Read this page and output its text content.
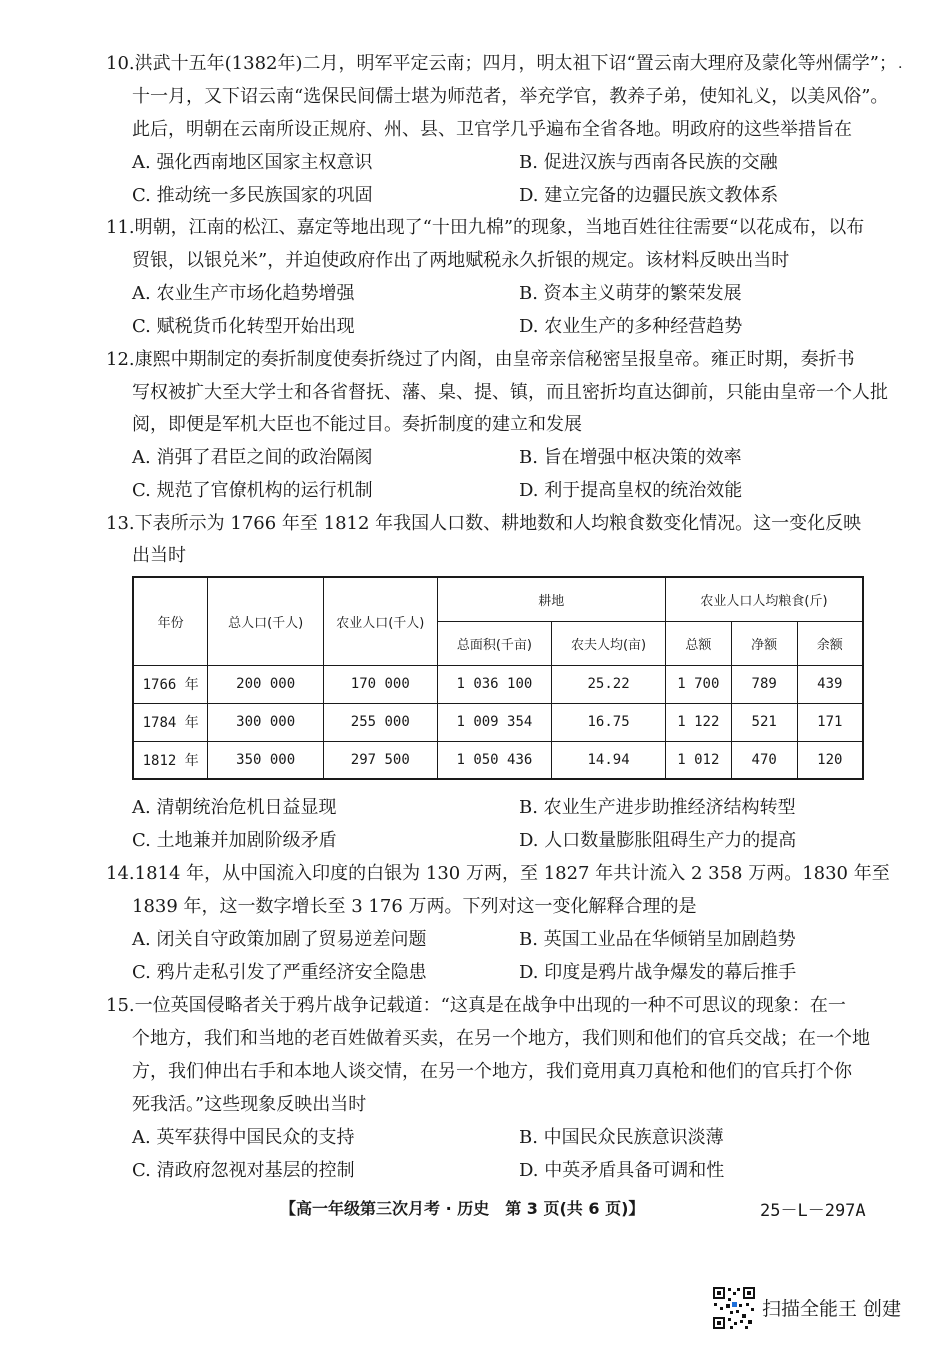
.
10.洪武十五年(1382年)二月，明军平定云南；四月，明太祖下诏“置云南大理府及蒙化等州儒学”；
十一月，又下诏云南“选保民间儒士堪为师范者，举充学官，教养子弟，使知礼义，以美风俗”。
此后，明朝在云南所设正规府、州、县、卫官学几乎遍布全省各地。明政府的这些举措旨在
A. 强化西南地区国家主权意识	B. 促进汉族与西南各民族的交融
C. 推动统一多民族国家的巩固	D. 建立完备的边疆民族文教体系
11.明朝，江南的松江、嘉定等地出现了“十田九棉”的现象，当地百姓往往需要“以花成布，以布
贸银，以银兑米”，并迫使政府作出了两地赋税永久折银的规定。该材料反映出当时
A. 农业生产市场化趋势增强	B. 资本主义萌芽的繁荣发展
C. 赋税货币化转型开始出现	D. 农业生产的多种经营趋势
12.康熙中期制定的奏折制度使奏折绕过了内阁，由皇帝亲信秘密呈报皇帝。雍正时期，奏折书
写权被扩大至大学士和各省督抚、藩、臬、提、镇，而且密折均直达御前，只能由皇帝一个人批
阅，即便是军机大臣也不能过目。奏折制度的建立和发展
A. 消弭了君臣之间的政治隔阂	B. 旨在增强中枢决策的效率
C. 规范了官僚机构的运行机制	D. 利于提高皇权的统治效能
13.下表所示为 1766 年至 1812 年我国人口数、耕地数和人均粮食数变化情况。这一变化反映
出当时
年份	总人口(千人)	农业人口(千人)	耕地		农业人口人均粮食(斤)		
			总面积(千亩)	农夫人均(亩)	总额	净额	余额
1766 年	200 000	170 000	1 036 100	25.22	1 700	789	439
1784 年	300 000	255 000	1 009 354	16.75	1 122	521	171
1812 年	350 000	297 500	1 050 436	14.94	1 012	470	120
A. 清朝统治危机日益显现	B. 农业生产进步助推经济结构转型
C. 土地兼并加剧阶级矛盾	D. 人口数量膨胀阻碍生产力的提高
14.1814 年，从中国流入印度的白银为 130 万两，至 1827 年共计流入 2 358 万两。1830 年至
1839 年，这一数字增长至 3 176 万两。下列对这一变化解释合理的是
A. 闭关自守政策加剧了贸易逆差问题	B. 英国工业品在华倾销呈加剧趋势
C. 鸦片走私引发了严重经济安全隐患	D. 印度是鸦片战争爆发的幕后推手
15.一位英国侵略者关于鸦片战争记载道：“这真是在战争中出现的一种不可思议的现象：在一
个地方，我们和当地的老百姓做着买卖，在另一个地方，我们则和他们的官兵交战；在一个地
方，我们伸出右手和本地人谈交情，在另一个地方，我们竟用真刀真枪和他们的官兵打个你
死我活。”这些现象反映出当时
A. 英军获得中国民众的支持	B. 中国民众民族意识淡薄
C. 清政府忽视对基层的控制	D. 中英矛盾具备可调和性
【高一年级第三次月考 · 历史　第 3 页(共 6 页)】	25－L－297A
扫描全能王 创建
